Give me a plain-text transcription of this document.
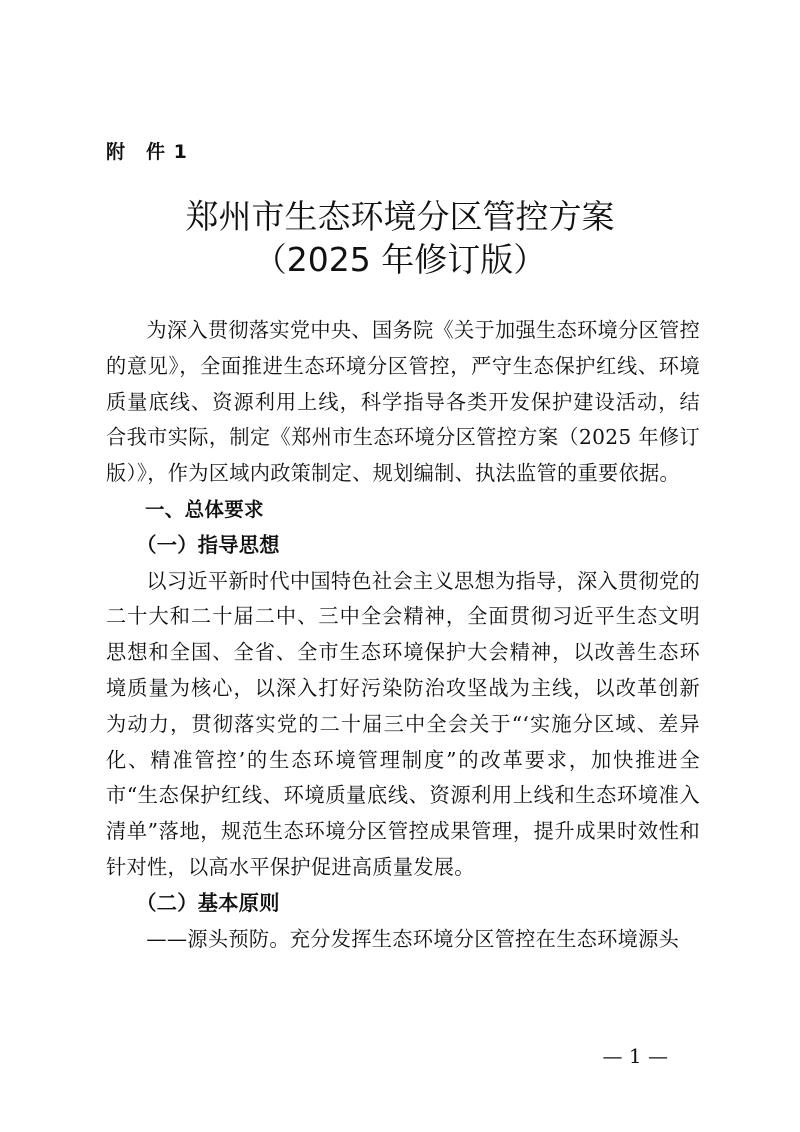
附　件 1
郑州市生态环境分区管控方案
（2025 年修订版）

为深入贯彻落实党中央、国务院《关于加强生态环境分区管控的意见》，全面推进生态环境分区管控，严守生态保护红线、环境质量底线、资源利用上线，科学指导各类开发保护建设活动，结合我市实际，制定《郑州市生态环境分区管控方案（2025 年修订版）》，作为区域内政策制定、规划编制、执法监管的重要依据。

一、总体要求

（一）指导思想

以习近平新时代中国特色社会主义思想为指导，深入贯彻党的二十大和二十届二中、三中全会精神，全面贯彻习近平生态文明思想和全国、全省、全市生态环境保护大会精神，以改善生态环境质量为核心，以深入打好污染防治攻坚战为主线，以改革创新为动力，贯彻落实党的二十届三中全会关于“‘实施分区域、差异化、精准管控’的生态环境管理制度”的改革要求，加快推进全市“生态保护红线、环境质量底线、资源利用上线和生态环境准入清单”落地，规范生态环境分区管控成果管理，提升成果时效性和针对性，以高水平保护促进高质量发展。

（二）基本原则

——源头预防。充分发挥生态环境分区管控在生态环境源头

— 1 —
